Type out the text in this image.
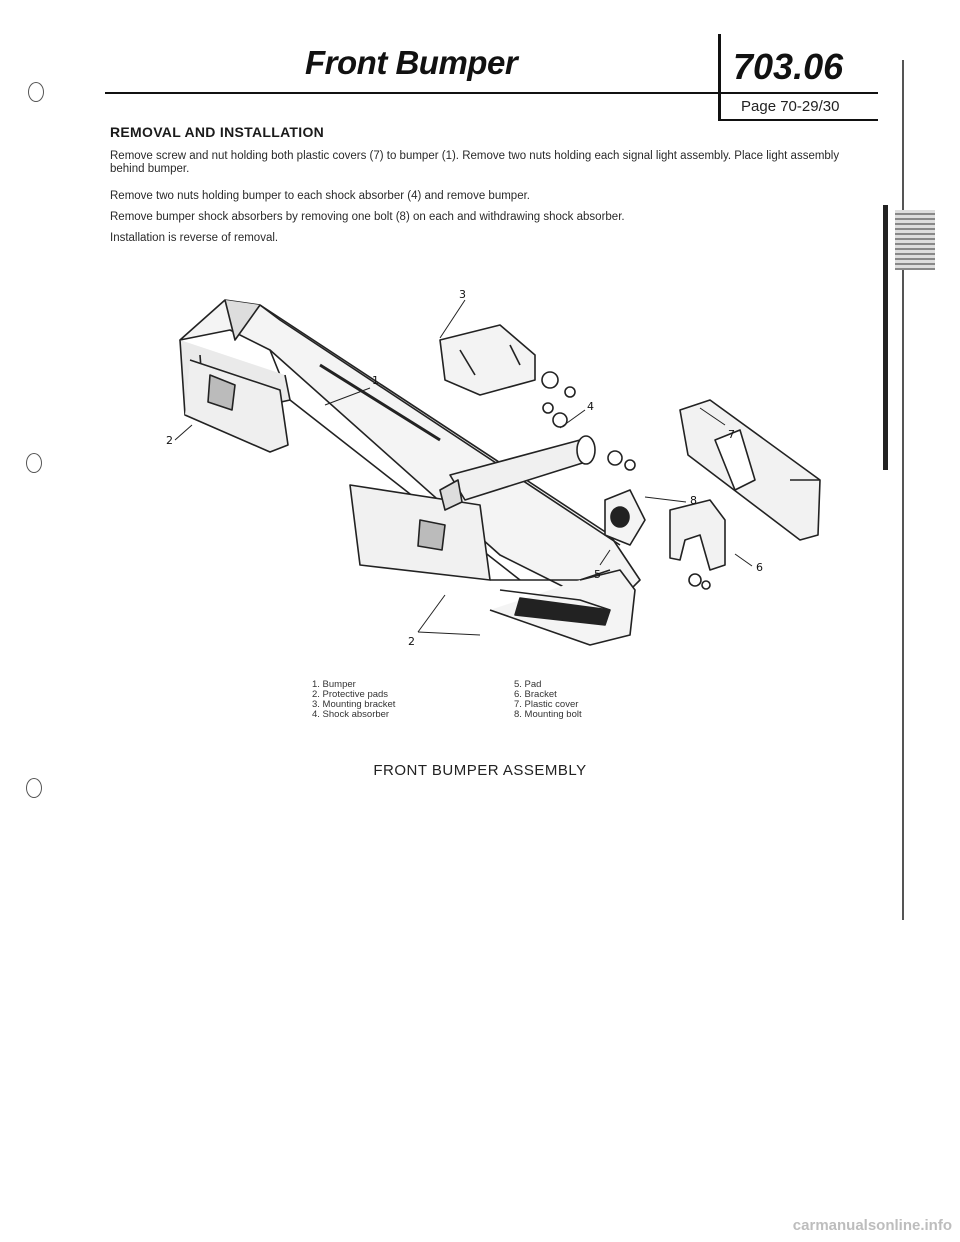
Front Bumper	703.06
Page 70-29/30
REMOVAL AND INSTALLATION
Remove screw and nut holding both plastic covers (7) to bumper (1). Remove two nuts holding each signal light assembly. Place light assembly behind bumper.
Remove two nuts holding bumper to each shock absorber (4) and remove bumper.
Remove bumper shock absorbers by removing one bolt (8) on each and withdrawing shock absorber.
Installation is reverse of removal.
1
2
3
4
5
6
7
8
2
1. Bumper
2. Protective pads
3. Mounting bracket
4. Shock absorber
5. Pad
6. Bracket
7. Plastic cover
8. Mounting bolt
FRONT BUMPER ASSEMBLY
carmanualsonline.info
